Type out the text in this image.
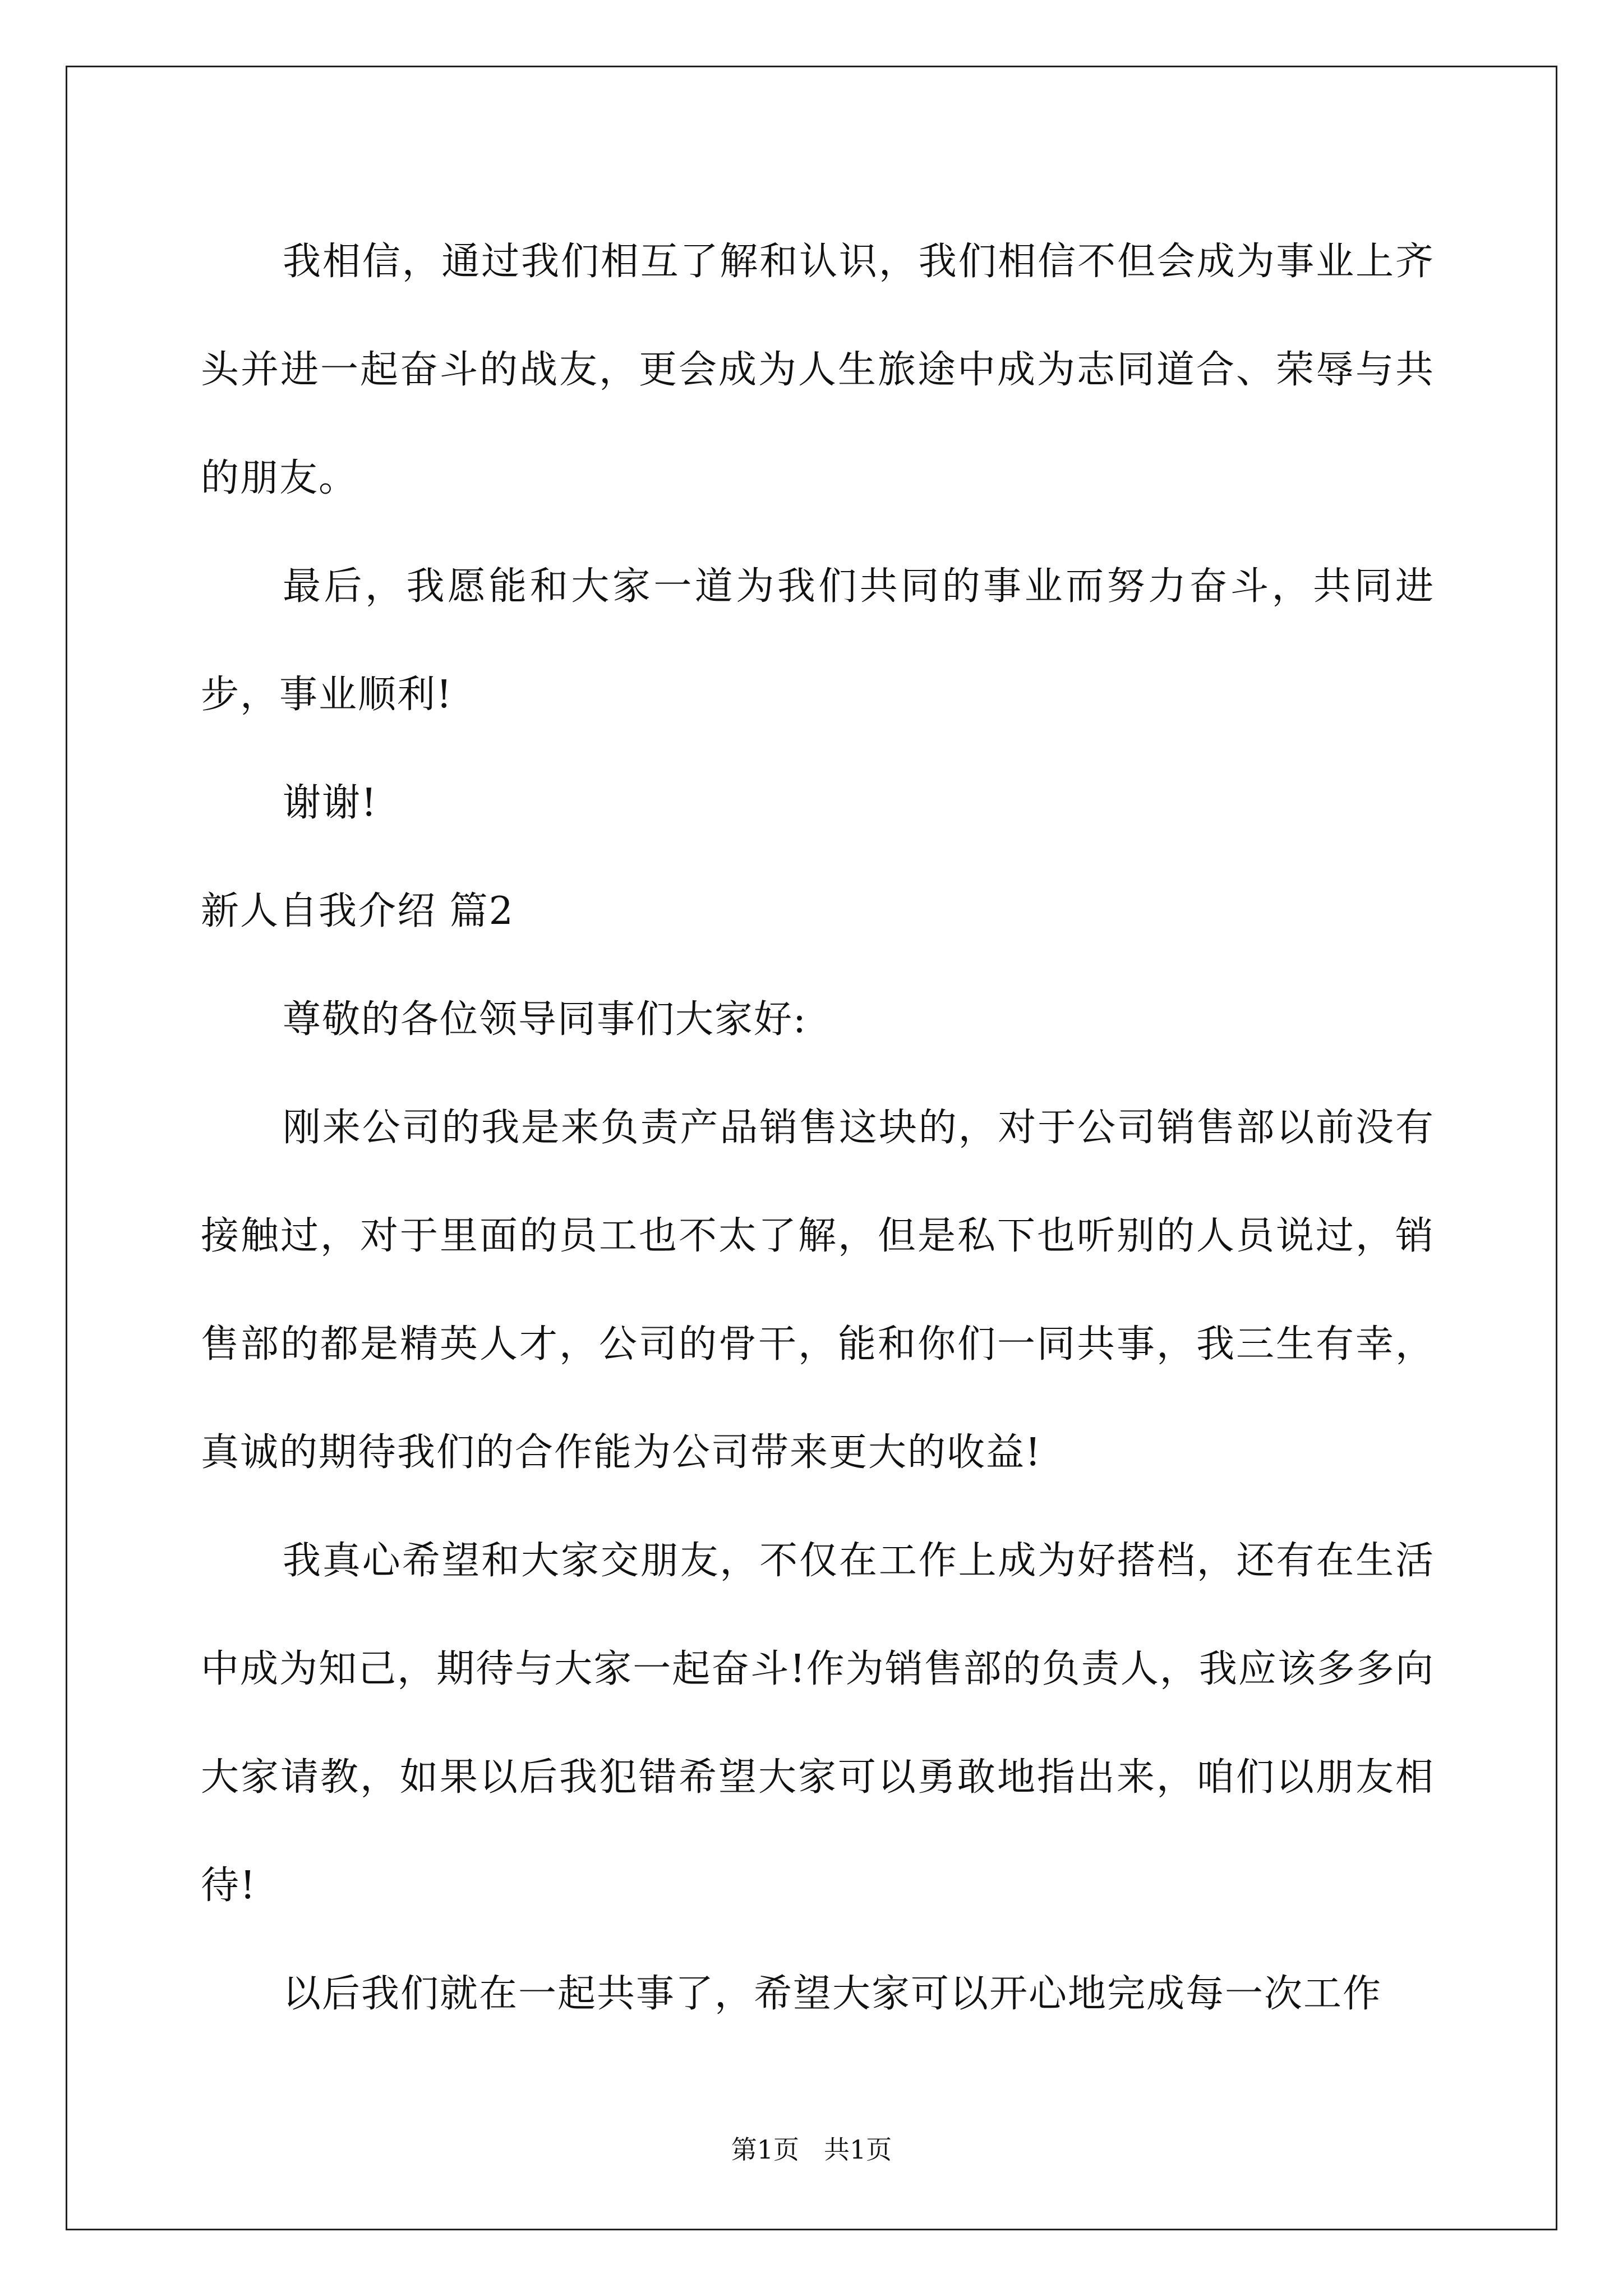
我相信，通过我们相互了解和认识，我们相信不但会成为事业上齐头并进一起奋斗的战友，更会成为人生旅途中成为志同道合、荣辱与共的朋友。

最后，我愿能和大家一道为我们共同的事业而努力奋斗，共同进步，事业顺利!

谢谢!

新人自我介绍 篇2

尊敬的各位领导同事们大家好:

刚来公司的我是来负责产品销售这块的，对于公司销售部以前没有接触过，对于里面的员工也不太了解，但是私下也听别的人员说过，销售部的都是精英人才，公司的骨干，能和你们一同共事，我三生有幸，真诚的期待我们的合作能为公司带来更大的收益!

我真心希望和大家交朋友，不仅在工作上成为好搭档，还有在生活中成为知己，期待与大家一起奋斗!作为销售部的负责人，我应该多多向大家请教，如果以后我犯错希望大家可以勇敢地指出来，咱们以朋友相待!

以后我们就在一起共事了，希望大家可以开心地完成每一次工作

第1页 共1页
